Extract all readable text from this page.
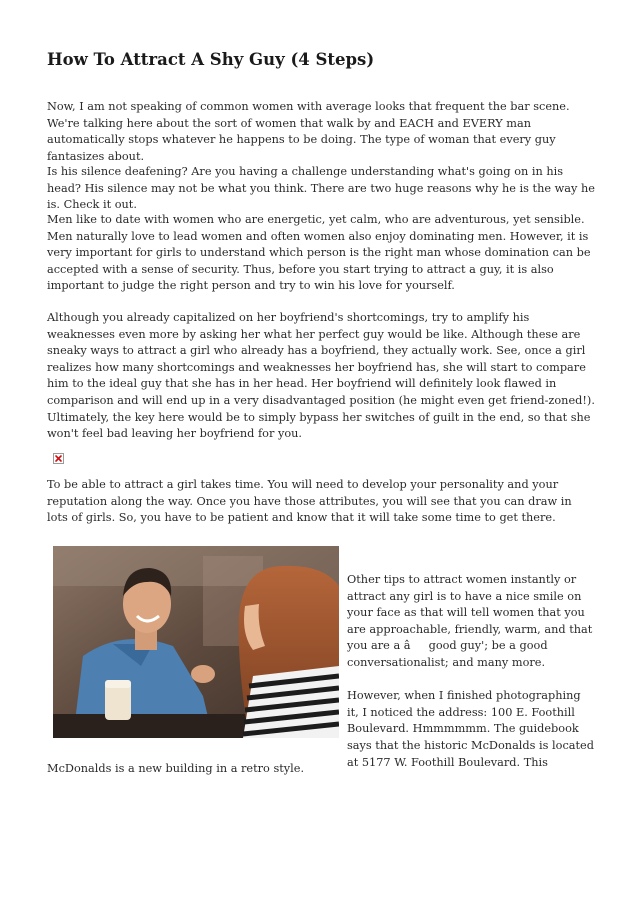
How To Attract A Shy Guy (4 Steps)

Now, I am not speaking of common women with average looks that frequent the bar scene. We're talking here about the sort of women that walk by and EACH and EVERY man automatically stops whatever he happens to be doing. The type of woman that every guy fantasizes about.

Is his silence deafening? Are you having a challenge understanding what's going on in his head? His silence may not be what you think. There are two huge reasons why he is the way he is. Check it out.

Men like to date with women who are energetic, yet calm, who are adventurous, yet sensible. Men naturally love to lead women and often women also enjoy dominating men. However, it is very important for girls to understand which person is the right man whose domination can be accepted with a sense of security. Thus, before you start trying to attract a guy, it is also important to judge the right person and try to win his love for yourself.

Although you already capitalized on her boyfriend's shortcomings, try to amplify his weaknesses even more by asking her what her perfect guy would be like. Although these are sneaky ways to attract a girl who already has a boyfriend, they actually work. See, once a girl realizes how many shortcomings and weaknesses her boyfriend has, she will start to compare him to the ideal guy that she has in her head. Her boyfriend will definitely look flawed in comparison and will end up in a very disadvantaged position (he might even get friend-zoned!). Ultimately, the key here would be to simply bypass her switches of guilt in the end, so that she won't feel bad leaving her boyfriend for you.

To be able to attract a girl takes time. You will need to develop your personality and your reputation along the way. Once you have those attributes, you will see that you can draw in lots of girls. So, you have to be patient and know that it will take some time to get there.

Other tips to attract women instantly or attract any girl is to have a nice smile on your face as that will tell women that you are approachable, friendly, warm, and that you are a âgood guy'; be a good conversationalist; and many more.

However, when I finished photographing it, I noticed the address: 100 E. Foothill Boulevard. Hmmmmmm. The guidebook says that the historic McDonalds is located at 5177 W. Foothill Boulevard. This

McDonalds is a new building in a retro style.
